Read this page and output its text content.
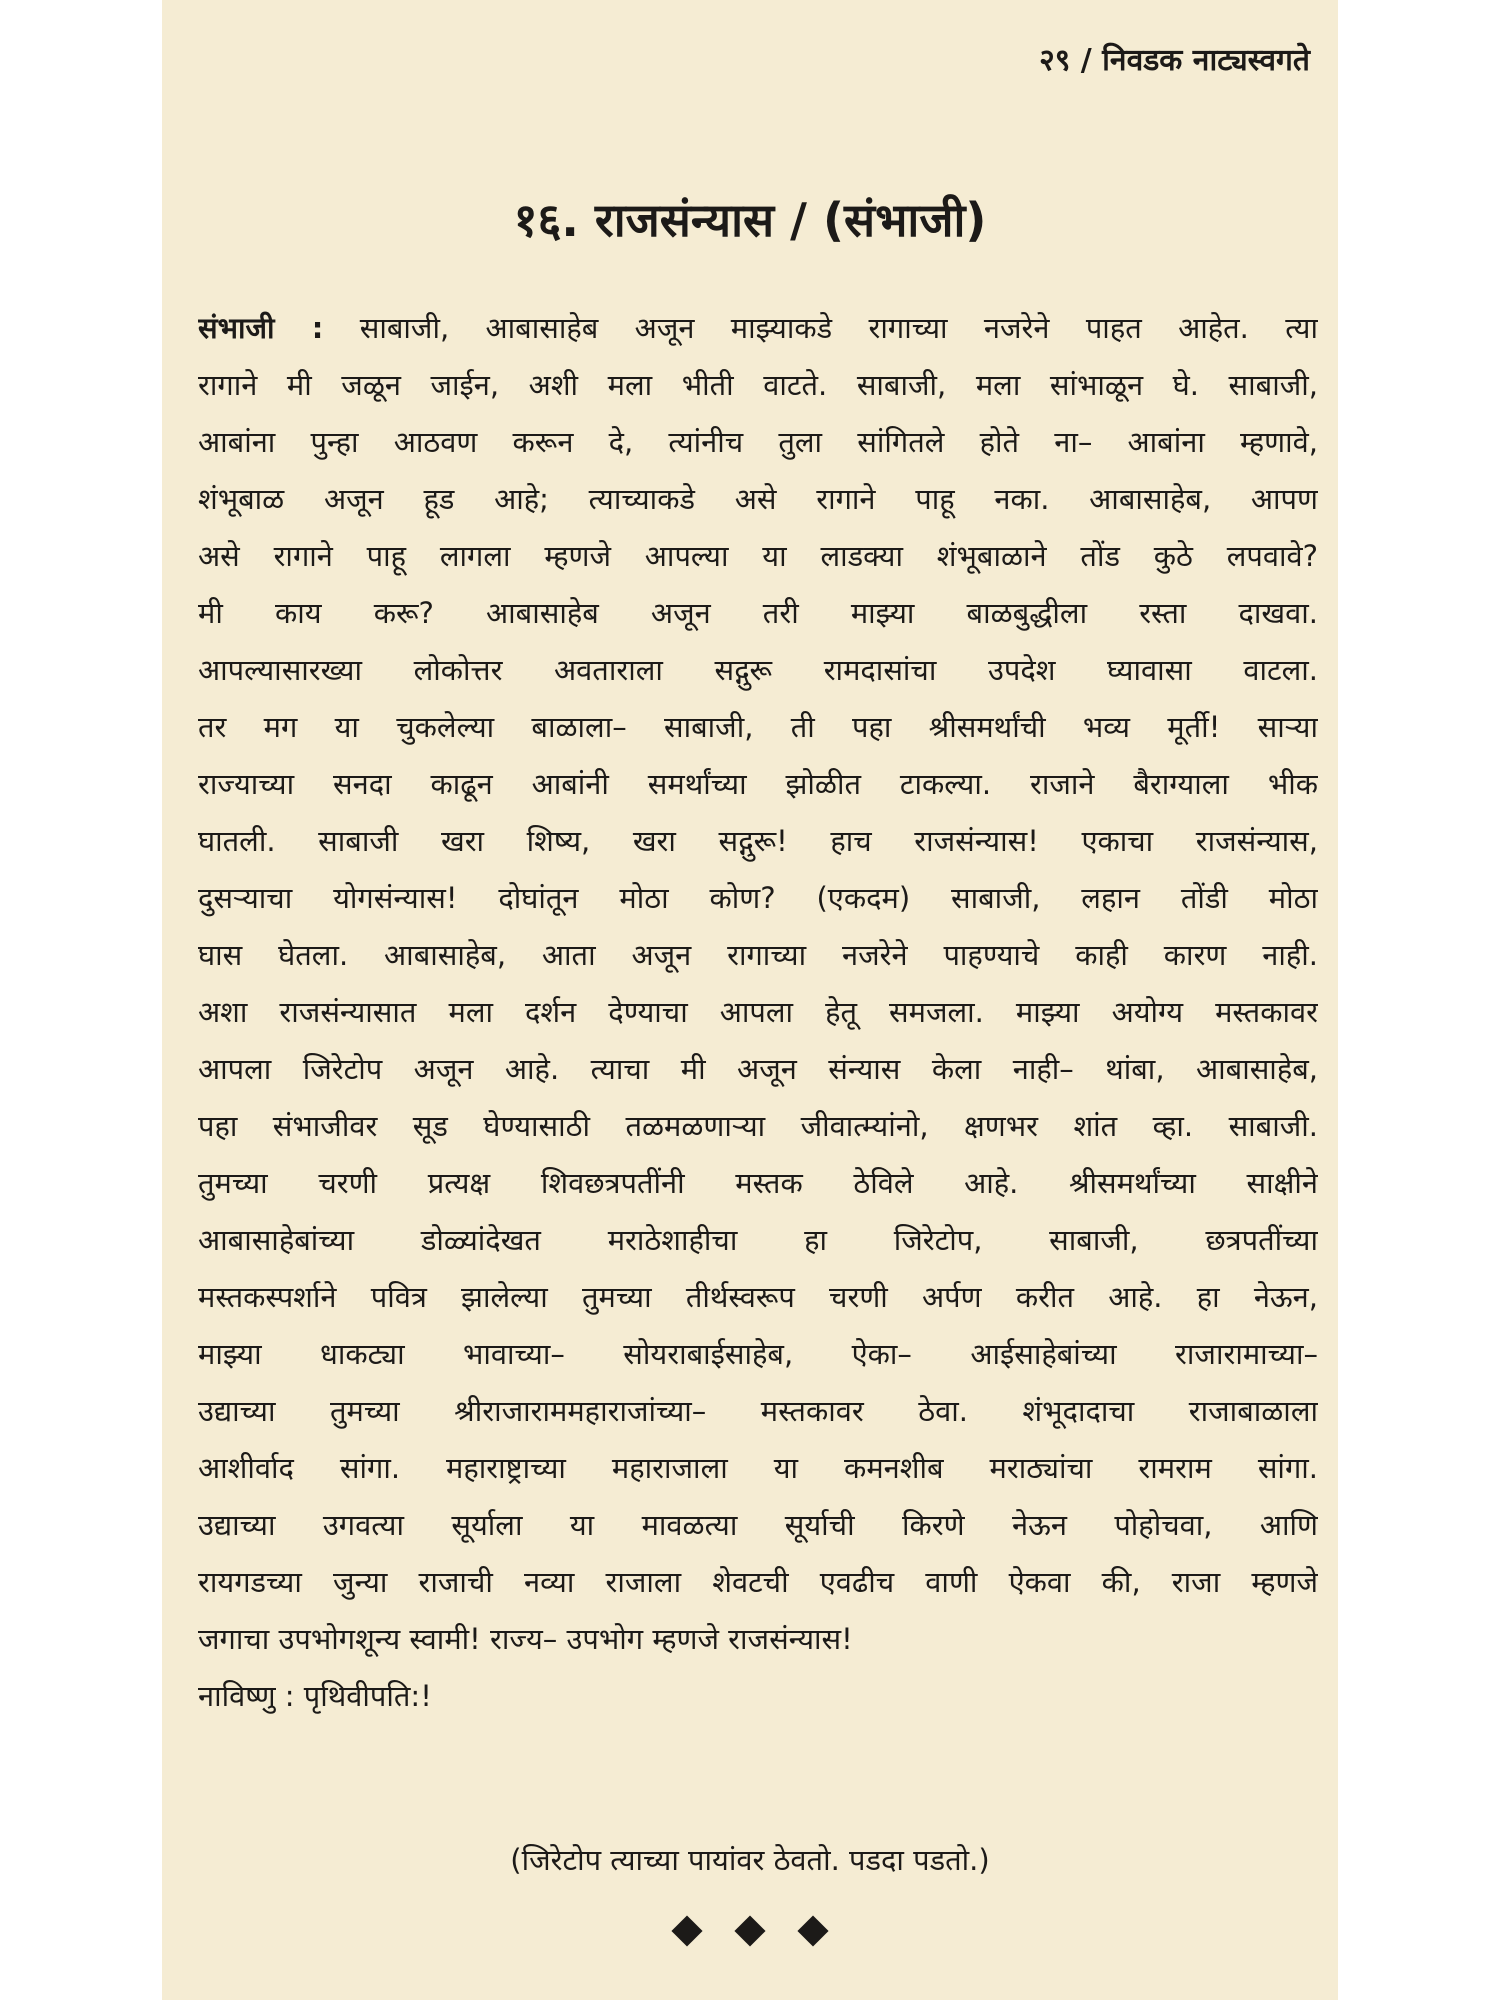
२९ / निवडक नाट्यस्वगते
१६. राजसंन्यास / (संभाजी)
संभाजी : साबाजी, आबासाहेब अजून माझ्याकडे रागाच्या नजरेने पाहत आहेत. त्या
रागाने मी जळून जाईन, अशी मला भीती वाटते. साबाजी, मला सांभाळून घे. साबाजी,
आबांना पुन्हा आठवण करून दे, त्यांनीच तुला सांगितले होते ना– आबांना म्हणावे,
शंभूबाळ अजून हूड आहे; त्याच्याकडे असे रागाने पाहू नका. आबासाहेब, आपण
असे रागाने पाहू लागला म्हणजे आपल्या या लाडक्या शंभूबाळाने तोंड कुठे लपवावे?
मी काय करू? आबासाहेब अजून तरी माझ्या बाळबुद्धीला रस्ता दाखवा.
आपल्यासारख्या लोकोत्तर अवताराला सद्गुरू रामदासांचा उपदेश घ्यावासा वाटला.
तर मग या चुकलेल्या बाळाला– साबाजी, ती पहा श्रीसमर्थांची भव्य मूर्ती! साऱ्या
राज्याच्या सनदा काढून आबांनी समर्थांच्या झोळीत टाकल्या. राजाने बैराग्याला भीक
घातली. साबाजी खरा शिष्य, खरा सद्गुरू! हाच राजसंन्यास! एकाचा राजसंन्यास,
दुसऱ्याचा योगसंन्यास! दोघांतून मोठा कोण? (एकदम) साबाजी, लहान तोंडी मोठा
घास घेतला. आबासाहेब, आता अजून रागाच्या नजरेने पाहण्याचे काही कारण नाही.
अशा राजसंन्यासात मला दर्शन देण्याचा आपला हेतू समजला. माझ्या अयोग्य मस्तकावर
आपला जिरेटोप अजून आहे. त्याचा मी अजून संन्यास केला नाही– थांबा, आबासाहेब,
पहा संभाजीवर सूड घेण्यासाठी तळमळणाऱ्या जीवात्म्यांनो, क्षणभर शांत व्हा. साबाजी.
तुमच्या चरणी प्रत्यक्ष शिवछत्रपतींनी मस्तक ठेविले आहे. श्रीसमर्थांच्या साक्षीने
आबासाहेबांच्या डोळ्यांदेखत मराठेशाहीचा हा जिरेटोप, साबाजी, छत्रपतींच्या
मस्तकस्पर्शाने पवित्र झालेल्या तुमच्या तीर्थस्वरूप चरणी अर्पण करीत आहे. हा नेऊन,
माझ्या धाकट्या भावाच्या– सोयराबाईसाहेब, ऐका– आईसाहेबांच्या राजारामाच्या–
उद्याच्या तुमच्या श्रीराजाराममहाराजांच्या– मस्तकावर ठेवा. शंभूदादाचा राजाबाळाला
आशीर्वाद सांगा. महाराष्ट्राच्या महाराजाला या कमनशीब मराठ्यांचा रामराम सांगा.
उद्याच्या उगवत्या सूर्याला या मावळत्या सूर्याची किरणे नेऊन पोहोचवा, आणि
रायगडच्या जुन्या राजाची नव्या राजाला शेवटची एवढीच वाणी ऐकवा की, राजा म्हणजे
जगाचा उपभोगशून्य स्वामी! राज्य– उपभोग म्हणजे राजसंन्यास!
नाविष्णु : पृथिवीपति:!
(जिरेटोप त्याच्या पायांवर ठेवतो. पडदा पडतो.)
